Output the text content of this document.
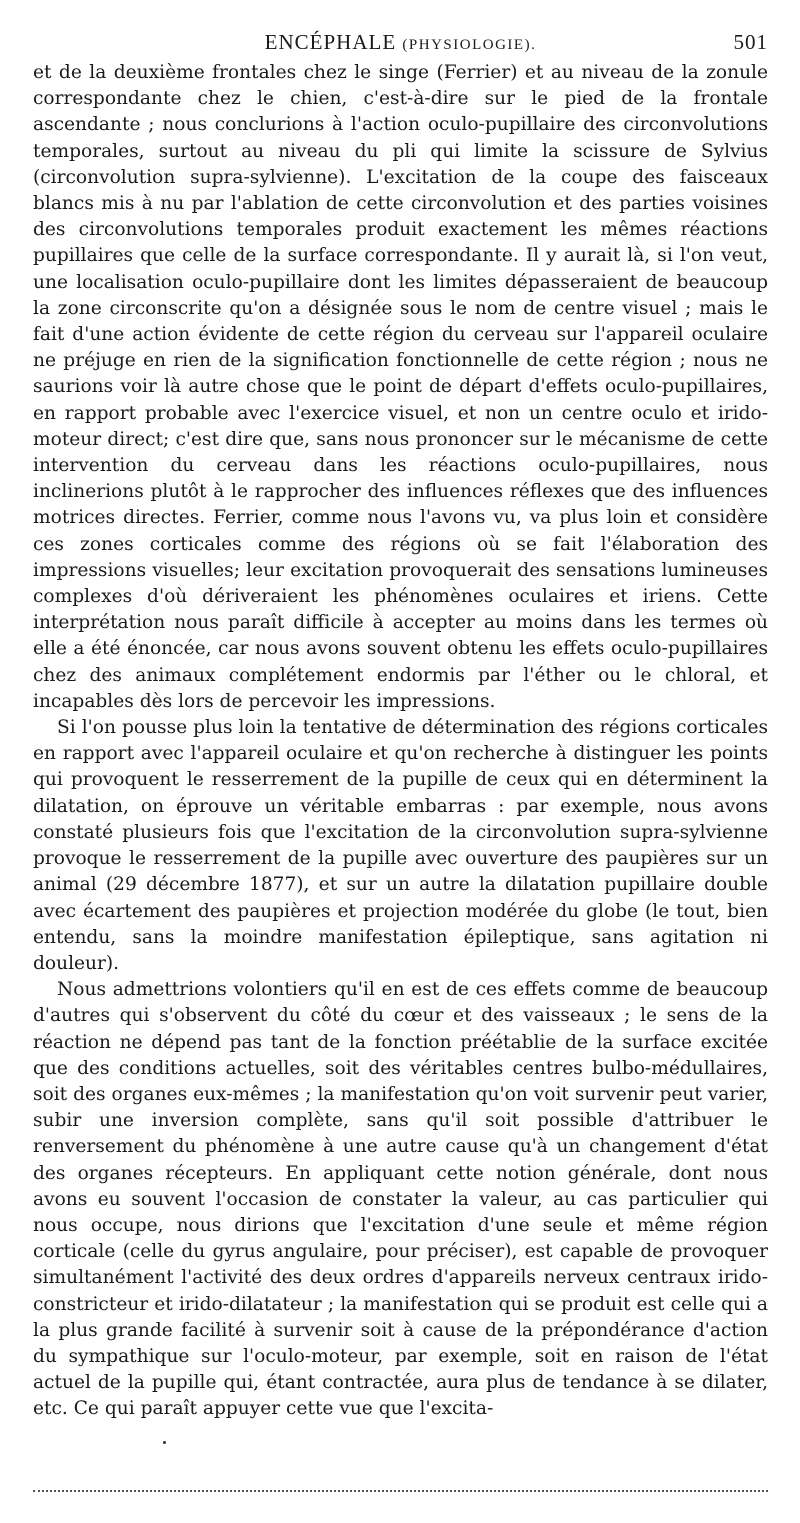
ENCÉPHALE (PHYSIOLOGIE).	501

et de la deuxième frontales chez le singe (Ferrier) et au niveau de la zonule correspondante chez le chien, c'est-à-dire sur le pied de la frontale ascendante ; nous conclurions à l'action oculo-pupillaire des circonvolutions temporales, surtout au niveau du pli qui limite la scissure de Sylvius (circonvolution supra-sylvienne). L'excitation de la coupe des faisceaux blancs mis à nu par l'ablation de cette circonvolution et des parties voisines des circonvolutions temporales produit exactement les mêmes réactions pupillaires que celle de la surface correspondante. Il y aurait là, si l'on veut, une localisation oculo-pupillaire dont les limites dépasseraient de beaucoup la zone circonscrite qu'on a désignée sous le nom de centre visuel ; mais le fait d'une action évidente de cette région du cerveau sur l'appareil oculaire ne préjuge en rien de la signification fonctionnelle de cette région ; nous ne saurions voir là autre chose que le point de départ d'effets oculo-pupillaires, en rapport probable avec l'exercice visuel, et non un centre oculo et irido-moteur direct; c'est dire que, sans nous prononcer sur le mécanisme de cette intervention du cerveau dans les réactions oculo-pupillaires, nous inclinerions plutôt à le rapprocher des influences réflexes que des influences motrices directes. Ferrier, comme nous l'avons vu, va plus loin et considère ces zones corticales comme des régions où se fait l'élaboration des impressions visuelles; leur excitation provoquerait des sensations lumineuses complexes d'où dériveraient les phénomènes oculaires et iriens. Cette interprétation nous paraît difficile à accepter au moins dans les termes où elle a été énoncée, car nous avons souvent obtenu les effets oculo-pupillaires chez des animaux complétement endormis par l'éther ou le chloral, et incapables dès lors de percevoir les impressions.

Si l'on pousse plus loin la tentative de détermination des régions corticales en rapport avec l'appareil oculaire et qu'on recherche à distinguer les points qui provoquent le resserrement de la pupille de ceux qui en déterminent la dilatation, on éprouve un véritable embarras : par exemple, nous avons constaté plusieurs fois que l'excitation de la circonvolution supra-sylvienne provoque le resserrement de la pupille avec ouverture des paupières sur un animal (29 décembre 1877), et sur un autre la dilatation pupillaire double avec écartement des paupières et projection modérée du globe (le tout, bien entendu, sans la moindre manifestation épileptique, sans agitation ni douleur).

Nous admettrions volontiers qu'il en est de ces effets comme de beaucoup d'autres qui s'observent du côté du cœur et des vaisseaux ; le sens de la réaction ne dépend pas tant de la fonction préétablie de la surface excitée que des conditions actuelles, soit des véritables centres bulbo-médullaires, soit des organes eux-mêmes ; la manifestation qu'on voit survenir peut varier, subir une inversion complète, sans qu'il soit possible d'attribuer le renversement du phénomène à une autre cause qu'à un changement d'état des organes récepteurs. En appliquant cette notion générale, dont nous avons eu souvent l'occasion de constater la valeur, au cas particulier qui nous occupe, nous dirions que l'excitation d'une seule et même région corticale (celle du gyrus angulaire, pour préciser), est capable de provoquer simultanément l'activité des deux ordres d'appareils nerveux centraux irido-constricteur et irido-dilatateur ; la manifestation qui se produit est celle qui a la plus grande facilité à survenir soit à cause de la prépondérance d'action du sympathique sur l'oculo-moteur, par exemple, soit en raison de l'état actuel de la pupille qui, étant contractée, aura plus de tendance à se dilater, etc. Ce qui paraît appuyer cette vue que l'excita-
